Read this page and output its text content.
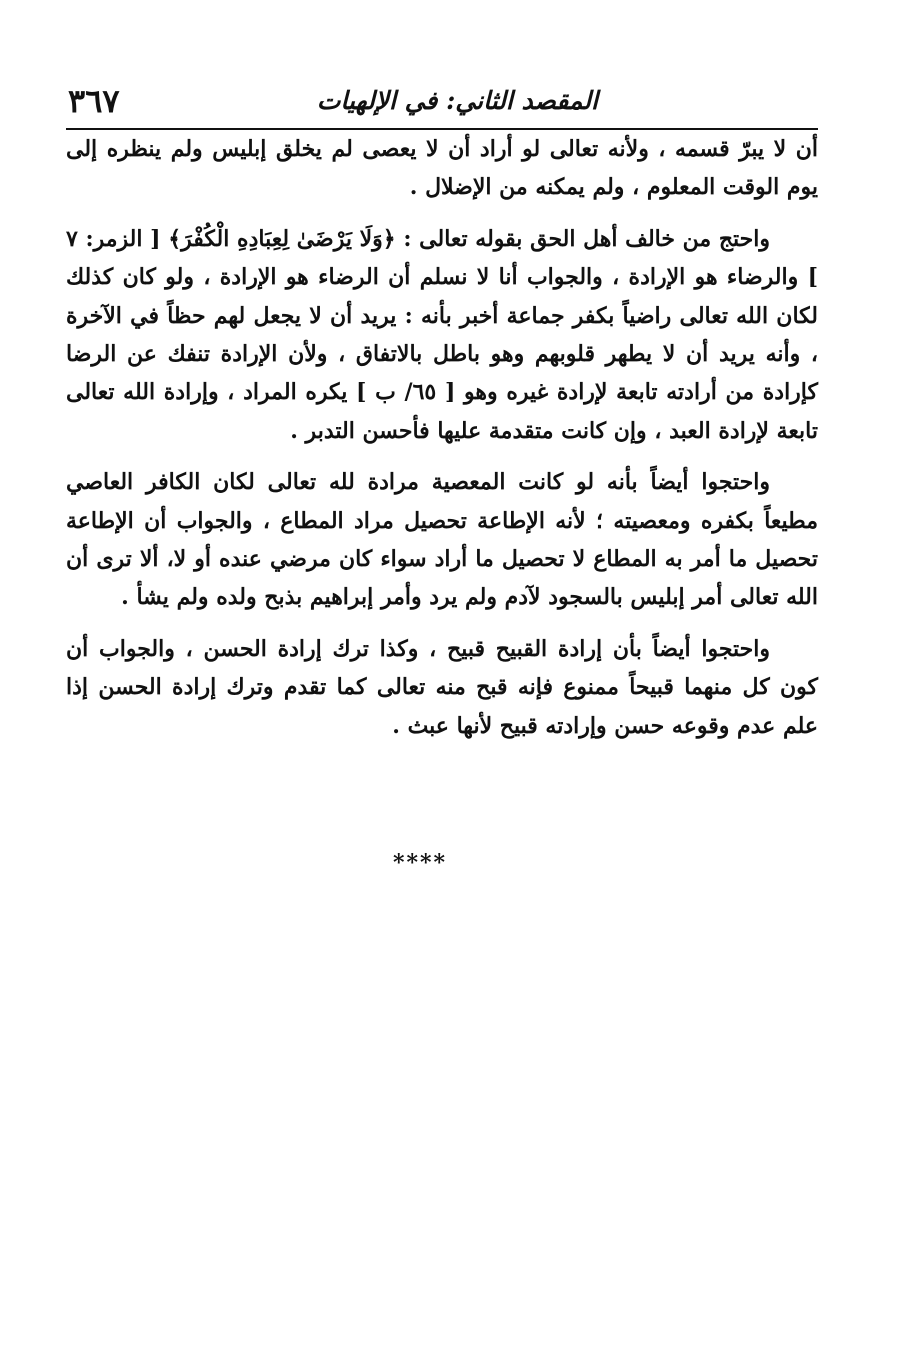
المقصد الثاني: في الإلهيات
٣٦٧

أن لا يبرّ قسمه ، ولأنه تعالى لو أراد أن لا يعصى لم يخلق إبليس ولم ينظره إلى يوم الوقت المعلوم ، ولم يمكنه من الإضلال .

واحتج من خالف أهل الحق بقوله تعالى : ﴿وَلَا يَرْضَىٰ لِعِبَادِهِ الْكُفْرَ﴾ [ الزمر: ٧ ] والرضاء هو الإرادة ، والجواب أنا لا نسلم أن الرضاء هو الإرادة ، ولو كان كذلك لكان الله تعالى راضياً بكفر جماعة أخبر بأنه : يريد أن لا يجعل لهم حظاً في الآخرة ، وأنه يريد أن لا يطهر قلوبهم وهو باطل بالاتفاق ، ولأن الإرادة تنفك عن الرضا كإرادة من أرادته تابعة لإرادة غيره وهو [ ٦٥/ ب ] يكره المراد ، وإرادة الله تعالى تابعة لإرادة العبد ، وإن كانت متقدمة عليها فأحسن التدبر .

واحتجوا أيضاً بأنه لو كانت المعصية مرادة لله تعالى لكان الكافر العاصي مطيعاً بكفره ومعصيته ؛ لأنه الإطاعة تحصيل مراد المطاع ، والجواب أن الإطاعة تحصيل ما أمر به المطاع لا تحصيل ما أراد سواء كان مرضي عنده أو لا، ألا ترى أن الله تعالى أمر إبليس بالسجود لآدم ولم يرد وأمر إبراهيم بذبح ولده ولم يشأ .

واحتجوا أيضاً بأن إرادة القبيح قبيح ، وكذا ترك إرادة الحسن ، والجواب أن كون كل منهما قبيحاً ممنوع فإنه قبح منه تعالى كما تقدم وترك إرادة الحسن إذا علم عدم وقوعه حسن وإرادته قبيح لأنها عبث .

****
